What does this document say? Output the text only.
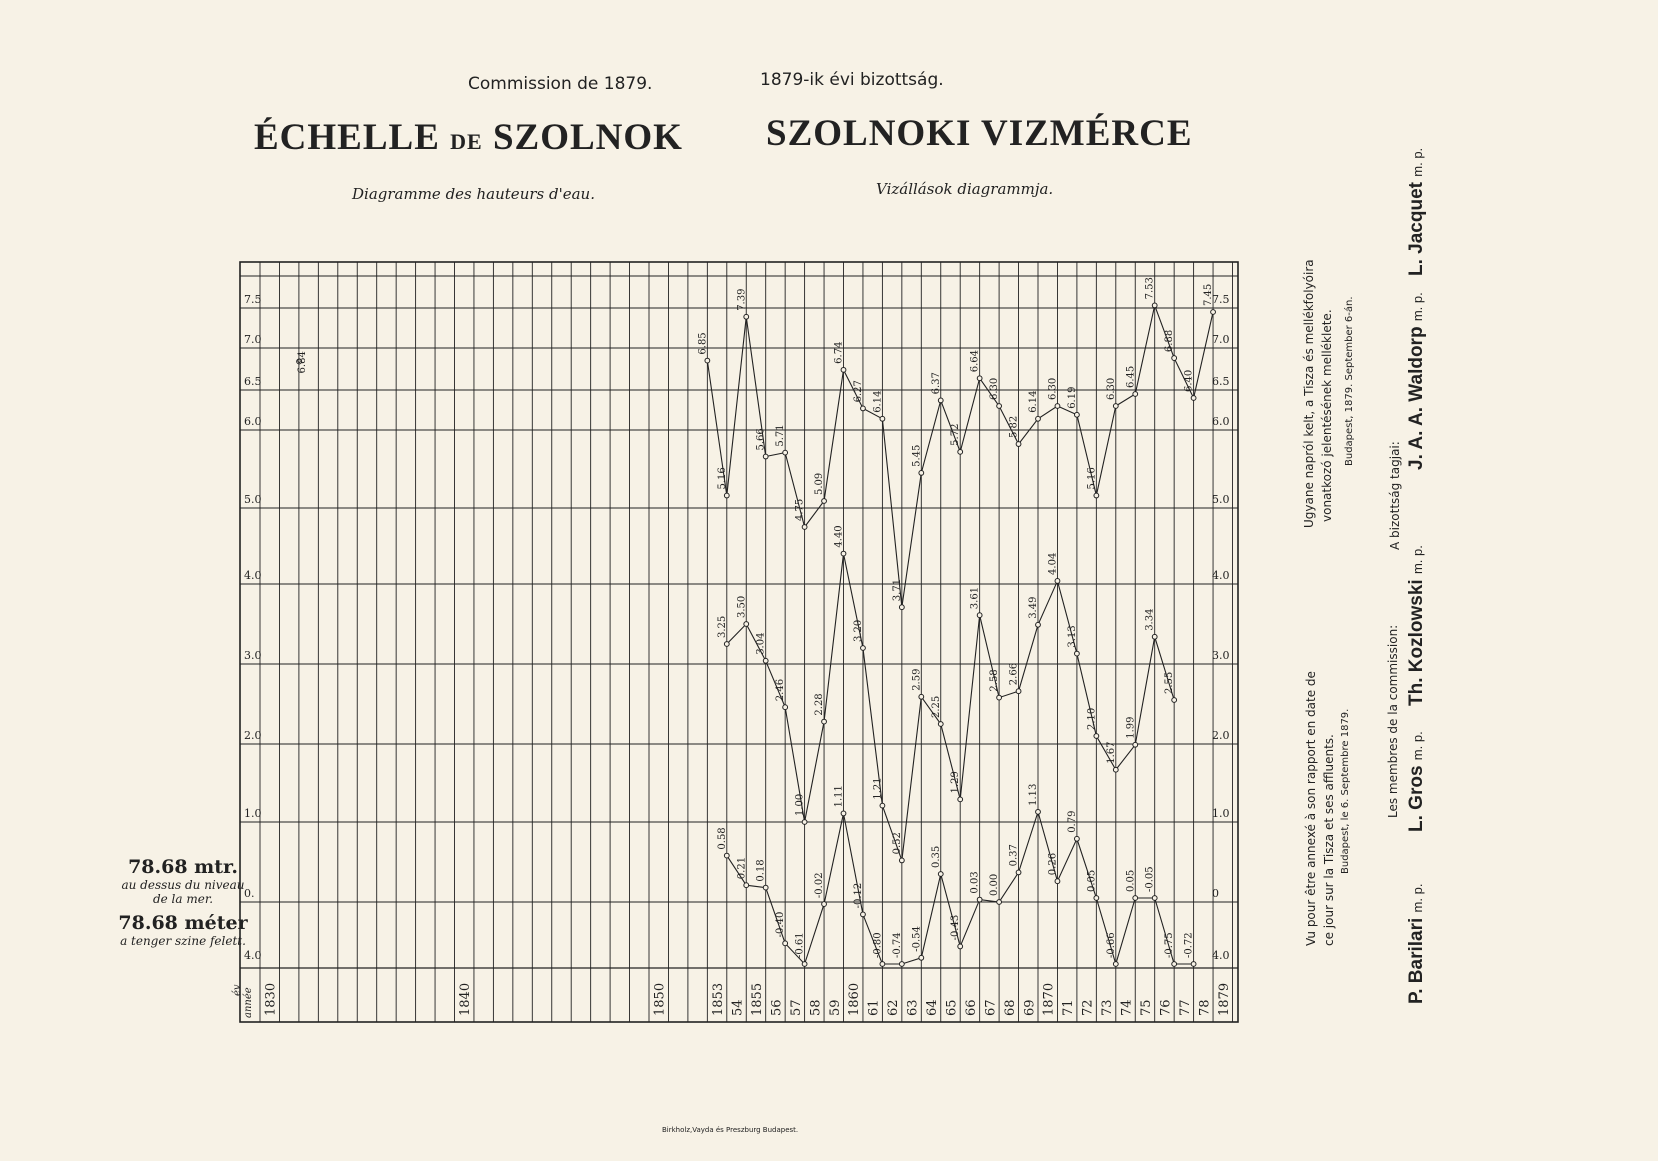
Commission de 1879.	1879-ik évi bizottság.
ÉCHELLE DE SZOLNOK SZOLNOKI VIZMÉRCE
Diagramme des hauteurs d'eau.	Vizállások diagrammja.
7.5
7.0
6.5
6.0
5.0
4.0
3.0
2.0
1.0
0.
4.0
7.5
7.0
6.5
6.0
5.0
4.0
3.0
2.0
1.0
0
4.0
année
év 1830	1840	1850	1853 54 1855 56 57 58 59 1860 61 62 63 64 65 66 67 68 69 1870 71 72 73 74 75 76 77 78 1879
6.84
6.85
5.16
7.39
5.66 5.71
4.75
5.09
6.74
6.27 6.14
3.71
5.45
6.37
5.72
6.64
6.30
5.82
6.14
6.30 6.19
5.16
6.30
6.45
7.53
6.88
6.40
7.45
3.25
3.50
3.04
2.46
1.00
2.28
4.40
3.20
1.21
0.52
2.59
2.25
1.29
3.61
2.58 2.66
3.49
4.04
3.13
2.10
1.67
1.99
3.34
2.55
0.58
0.21 0.18
-0.40
-0.61
-0.02
1.11
-0.12
-0.80 -0.74 -0.54
0.35
-0.43
0.03 0.00
0.37
1.13
0.26
0.79
0.05
-0.66
0.05 -0.05
-0.75 -0.72
78.68 mtr.
au dessus du niveau
de la mer.
78.68 méter
a tenger szine felett.	Vu pour être annexé à son rapport en date de ce jour sur la Tisza et ses affluents. Budapest, le 6. Septembre 1879.
Ugyane napról kelt, a Tisza és mellékfolyóira vonatkozó jelentésének melléklete. Budapest, 1879. September 6-án.
Les membres de la commission:
A bizottság tagjai:
P. Barilari m. p.
L. Gros m. p.
Th. Kozlowski m. p.
J. A. A. Waldorp m. p.
L. Jacquet m. p.
Birkholz,Vayda és Preszburg Budapest.
